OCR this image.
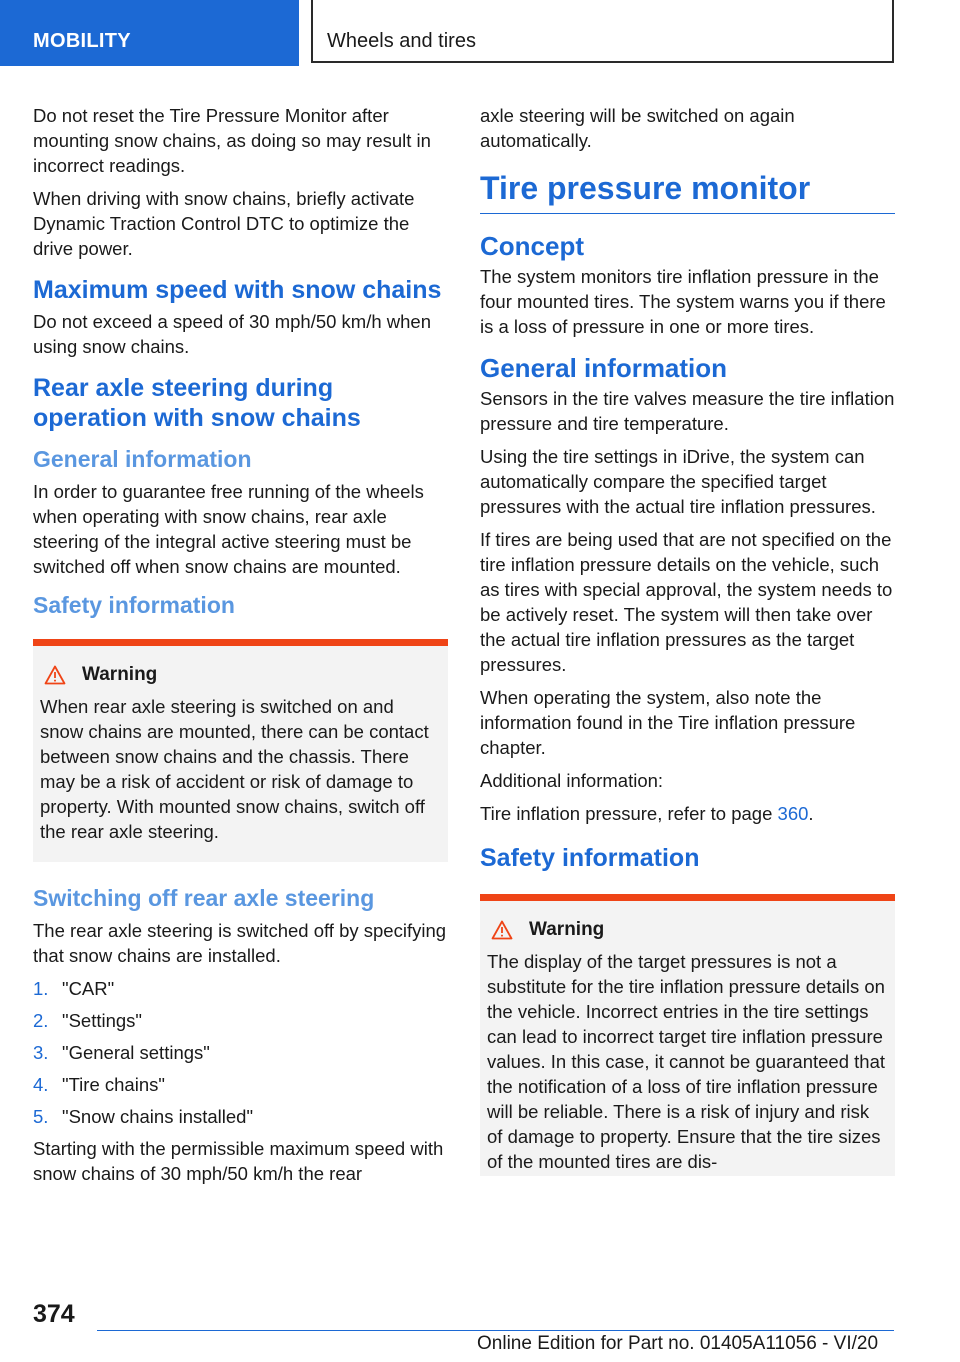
MOBILITY	Wheels and tires

Do not reset the Tire Pressure Monitor after mounting snow chains, as doing so may result in incorrect readings.

When driving with snow chains, briefly activate Dynamic Traction Control DTC to optimize the drive power.

Maximum speed with snow chains

Do not exceed a speed of 30 mph/50 km/h when using snow chains.

Rear axle steering during operation with snow chains
General information

In order to guarantee free running of the wheels when operating with snow chains, rear axle steering of the integral active steering must be switched off when snow chains are mounted.

Safety information
Warning

When rear axle steering is switched on and snow chains are mounted, there can be contact between snow chains and the chassis. There may be a risk of accident or risk of damage to property. With mounted snow chains, switch off the rear axle steering.

Switching off rear axle steering

The rear axle steering is switched off by specifying that snow chains are installed.

1. "CAR"
2. "Settings"
3. "General settings"
4. "Tire chains"
5. "Snow chains installed"

Starting with the permissible maximum speed with snow chains of 30 mph/50 km/h the rear

axle steering will be switched on again automatically.

Tire pressure monitor
Concept

The system monitors tire inflation pressure in the four mounted tires. The system warns you if there is a loss of pressure in one or more tires.

General information

Sensors in the tire valves measure the tire inflation pressure and tire temperature.

Using the tire settings in iDrive, the system can automatically compare the specified target pressures with the actual tire inflation pressures.

If tires are being used that are not specified on the tire inflation pressure details on the vehicle, such as tires with special approval, the system needs to be actively reset. The system will then take over the actual tire inflation pressures as the target pressures.

When operating the system, also note the information found in the Tire inflation pressure chapter.

Additional information:

Tire inflation pressure, refer to page 360.

Safety information
Warning

The display of the target pressures is not a substitute for the tire inflation pressure details on the vehicle. Incorrect entries in the tire settings can lead to incorrect target tire inflation pressure values. In this case, it cannot be guaranteed that the notification of a loss of tire inflation pressure will be reliable. There is a risk of injury and risk of damage to property. Ensure that the tire sizes of the mounted tires are dis-

374
Online Edition for Part no. 01405A11056 - VI/20
